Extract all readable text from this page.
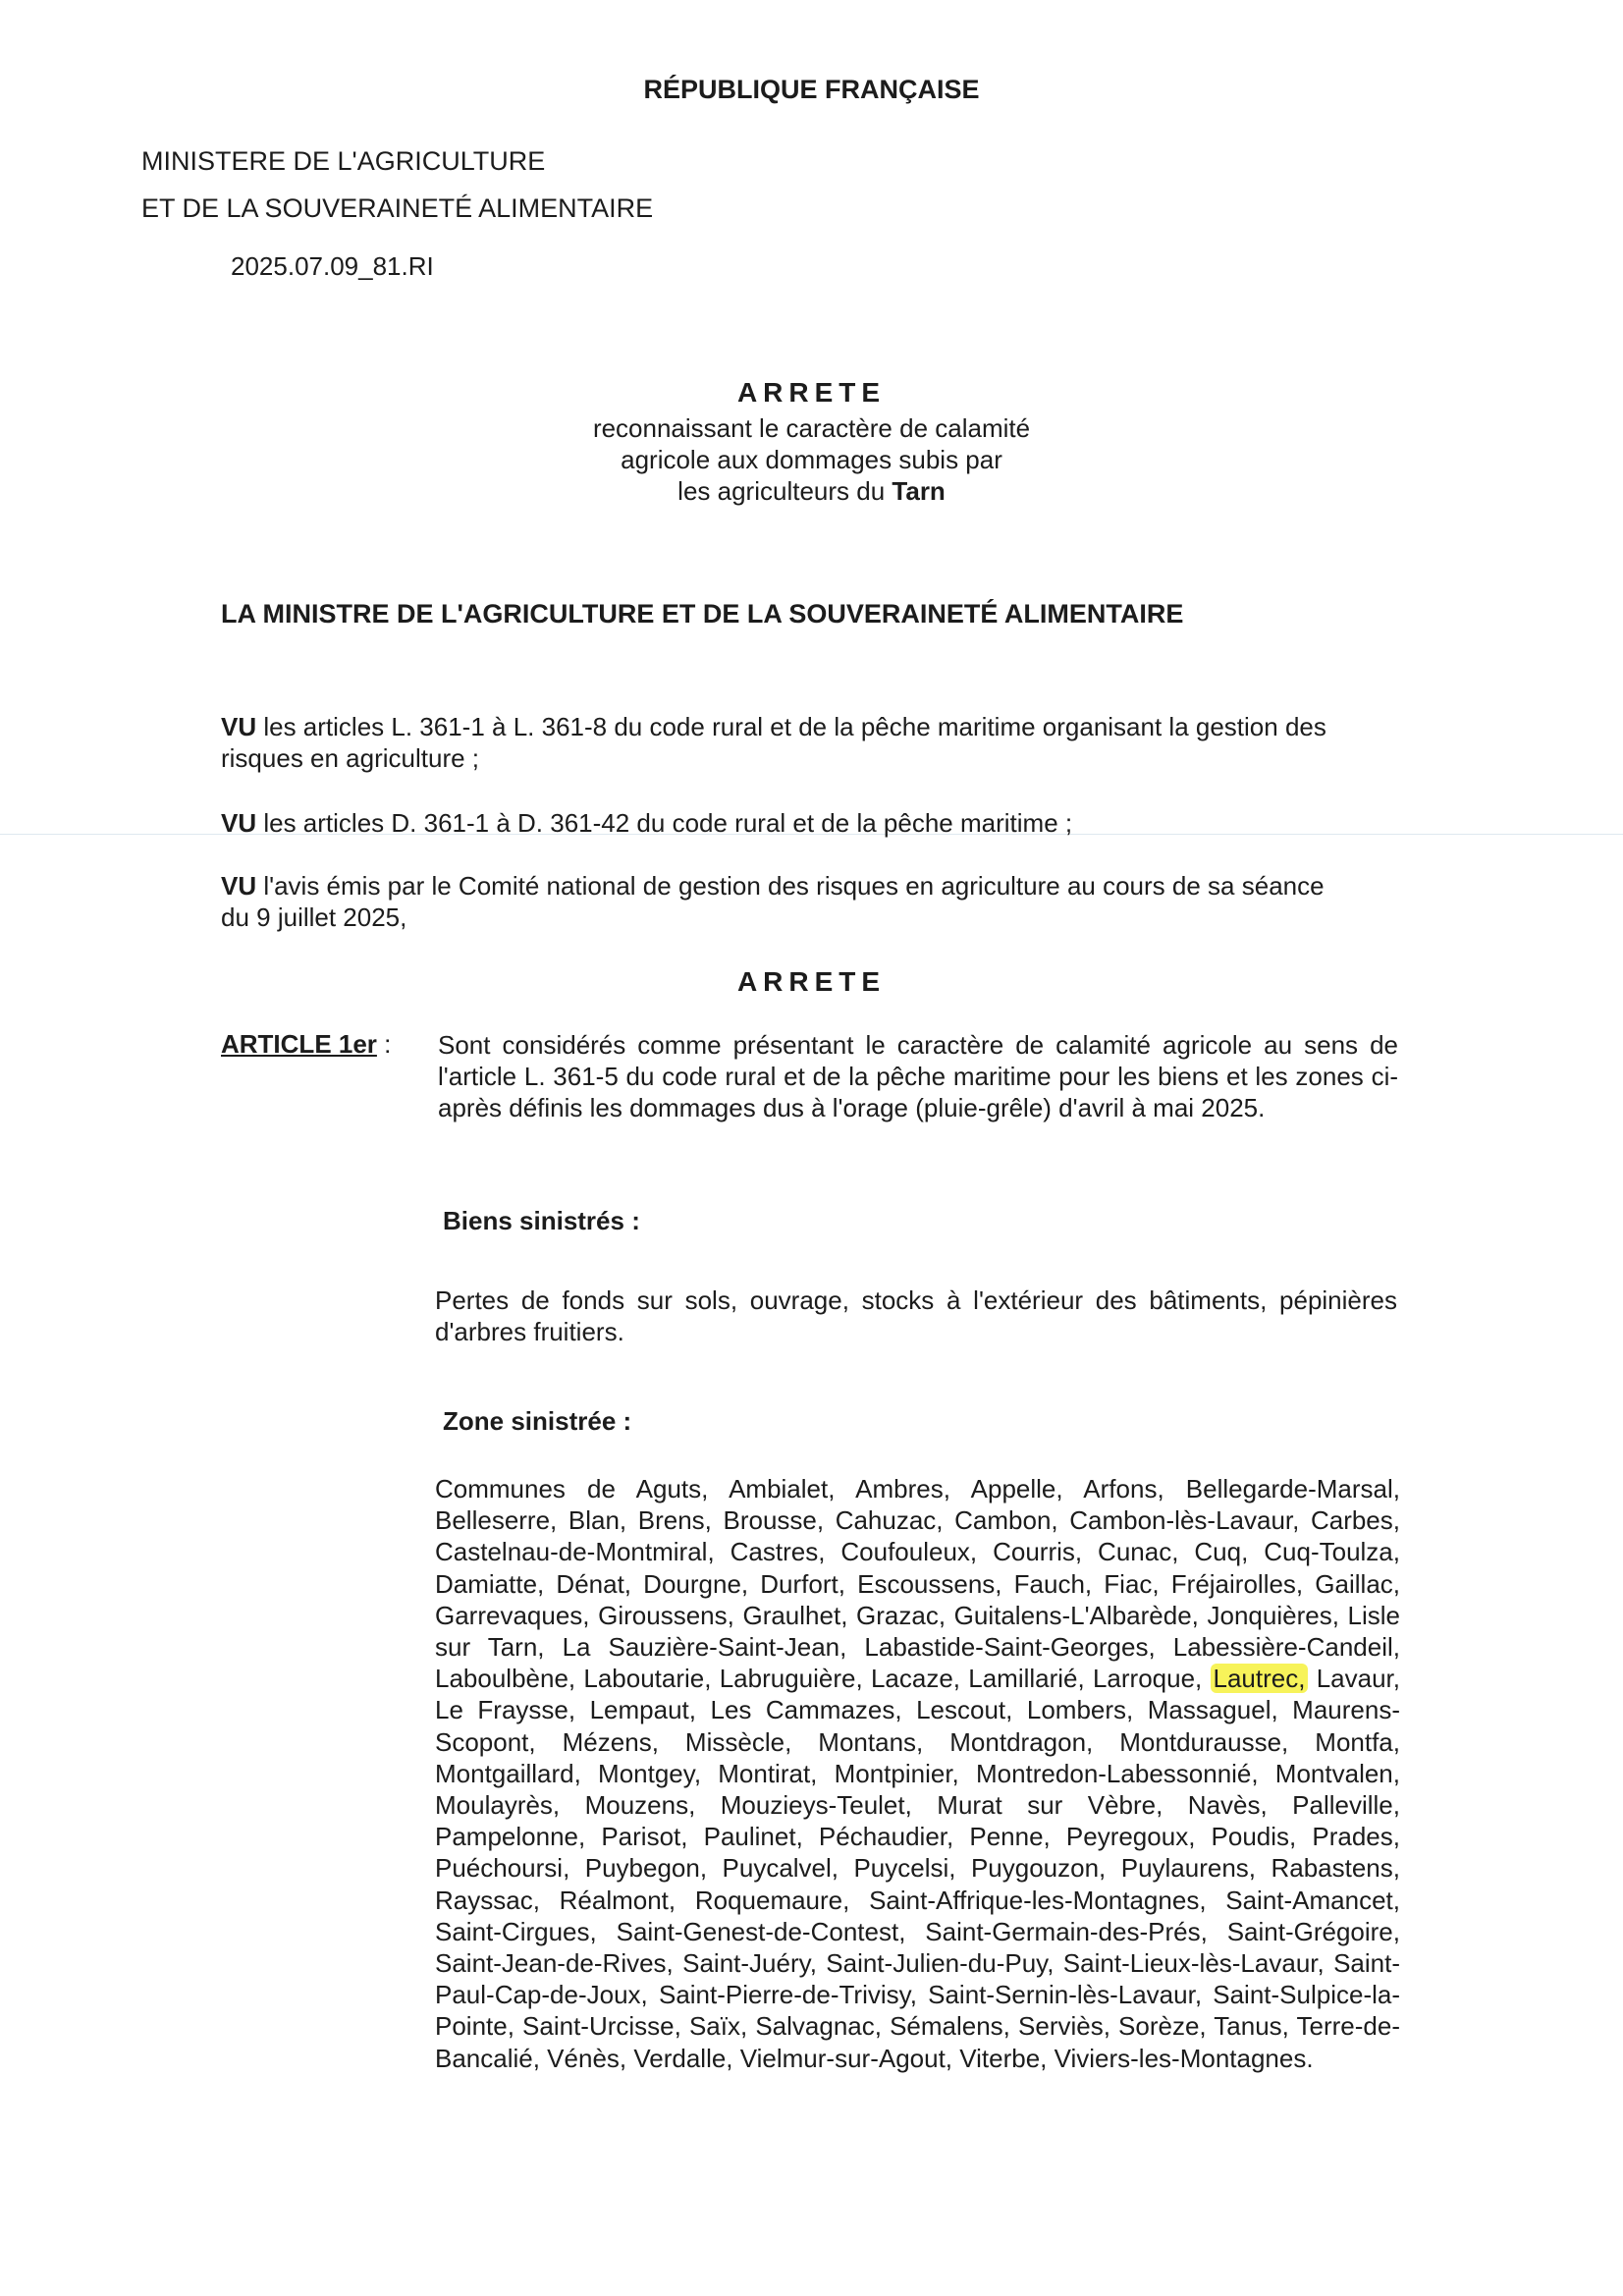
RÉPUBLIQUE FRANÇAISE
MINISTERE DE L'AGRICULTURE
ET DE LA SOUVERAINETÉ ALIMENTAIRE
2025.07.09_81.RI
ARRETE
reconnaissant le caractère de calamité
agricole aux dommages subis par
les agriculteurs du Tarn
LA MINISTRE DE L'AGRICULTURE ET DE LA SOUVERAINETÉ ALIMENTAIRE
VU les articles L. 361-1 à L. 361-8 du code rural et de la pêche maritime organisant la gestion des risques en agriculture ;
VU les articles D. 361-1 à D. 361-42 du code rural et de la pêche maritime ;
VU l'avis émis par le Comité national de gestion des risques en agriculture au cours de sa séance du 9 juillet 2025,
ARRETE
ARTICLE 1er : Sont considérés comme présentant le caractère de calamité agricole au sens de l'article L. 361-5 du code rural et de la pêche maritime pour les biens et les zones ci-après définis les dommages dus à l'orage (pluie-grêle) d'avril à mai 2025.
Biens sinistrés :
Pertes de fonds sur sols, ouvrage, stocks à l'extérieur des bâtiments, pépinières d'arbres fruitiers.
Zone sinistrée :
Communes de Aguts, Ambialet, Ambres, Appelle, Arfons, Bellegarde-Marsal, Belleserre, Blan, Brens, Brousse, Cahuzac, Cambon, Cambon-lès-Lavaur, Carbes, Castelnau-de-Montmiral, Castres, Coufouleux, Courris, Cunac, Cuq, Cuq-Toulza, Damiatte, Dénat, Dourgne, Durfort, Escoussens, Fauch, Fiac, Fréjairolles, Gaillac, Garrevaques, Giroussens, Graulhet, Grazac, Guitalens-L'Albarède, Jonquières, Lisle sur Tarn, La Sauzière-Saint-Jean, Labastide-Saint-Georges, Labessière-Candeil, Laboulbène, Laboutarie, Labruguière, Lacaze, Lamillarié, Larroque, Lautrec, Lavaur, Le Fraysse, Lempaut, Les Cammazes, Lescout, Lombers, Massaguel, Maurens-Scopont, Mézens, Missècle, Montans, Montdragon, Montdurausse, Montfa, Montgaillard, Montgey, Montirat, Montpinier, Montredon-Labessonnié, Montvalen, Moulayrès, Mouzens, Mouzieys-Teulet, Murat sur Vèbre, Navès, Palleville, Pampelonne, Parisot, Paulinet, Péchaudier, Penne, Peyregoux, Poudis, Prades, Puéchoursi, Puybegon, Puycalvel, Puycelsi, Puygouzon, Puylaurens, Rabastens, Rayssac, Réalmont, Roquemaure, Saint-Affrique-les-Montagnes, Saint-Amancet, Saint-Cirgues, Saint-Genest-de-Contest, Saint-Germain-des-Prés, Saint-Grégoire, Saint-Jean-de-Rives, Saint-Juéry, Saint-Julien-du-Puy, Saint-Lieux-lès-Lavaur, Saint-Paul-Cap-de-Joux, Saint-Pierre-de-Trivisy, Saint-Sernin-lès-Lavaur, Saint-Sulpice-la-Pointe, Saint-Urcisse, Saïx, Salvagnac, Sémalens, Serviès, Sorèze, Tanus, Terre-de-Bancalié, Vénès, Verdalle, Vielmur-sur-Agout, Viterbe, Viviers-les-Montagnes.
